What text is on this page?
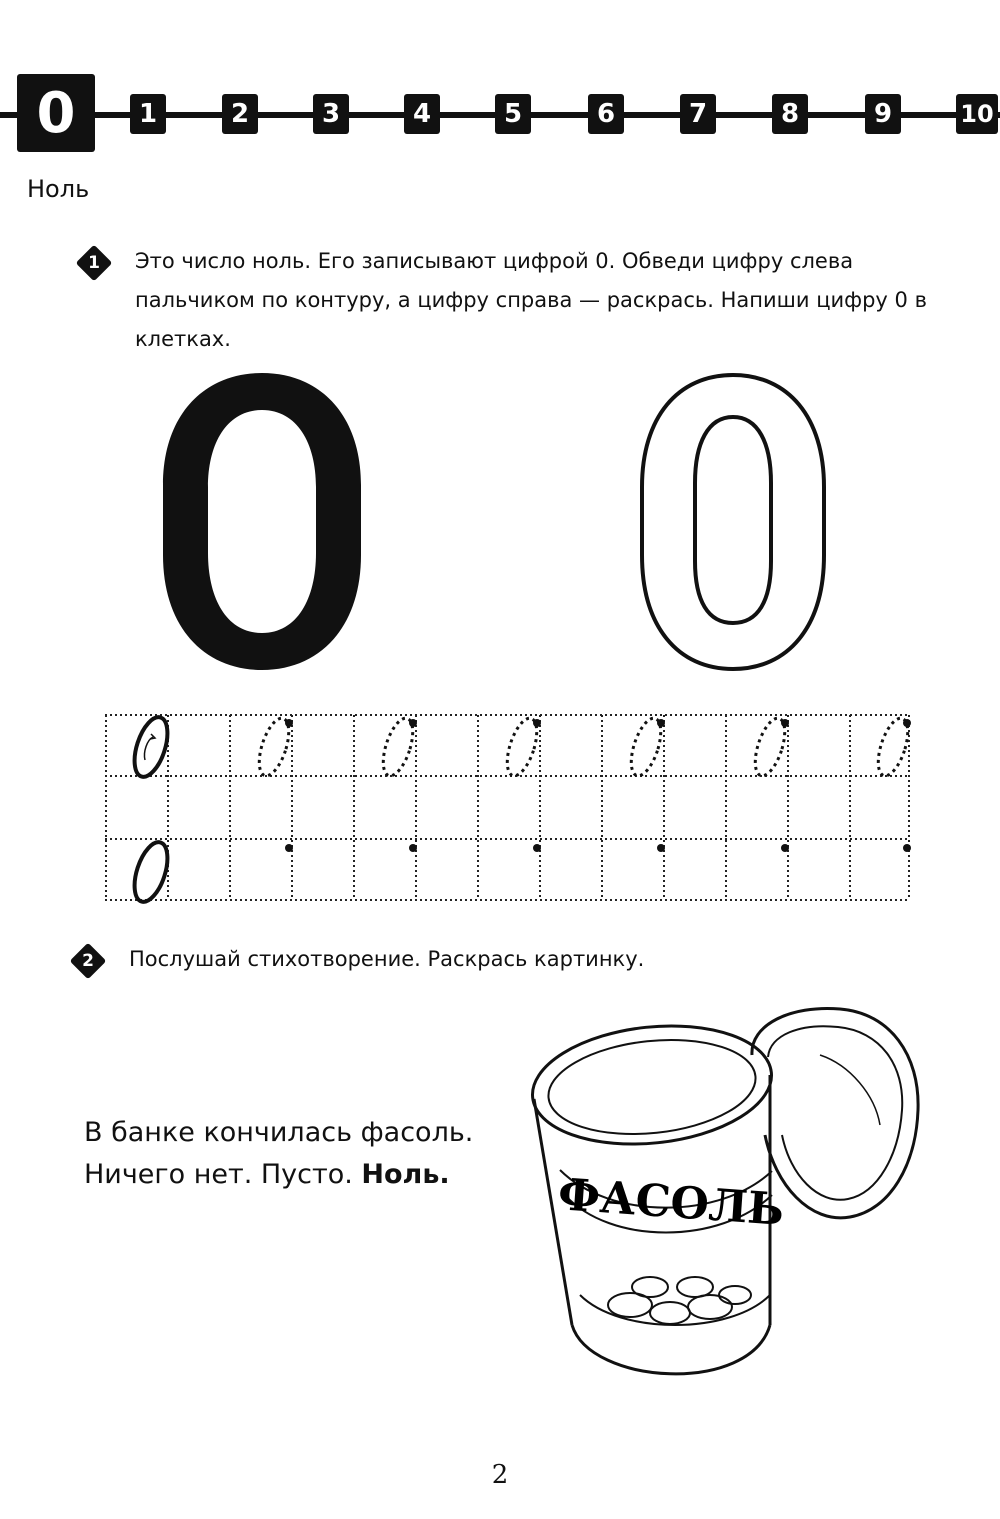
0	1	2	3	4	5	6	7	8	9	10
Ноль
1	Это число ноль. Его записывают цифрой 0. Обведи цифру слева пальчиком по контуру, а цифру справа — раскрась. Напиши цифру 0 в клетках.
2	Послушай стихотворение. Раскрась картинку.
В банке кончилась фасоль.
Ничего нет. Пусто. Ноль.	ФАСОЛЬ
2
